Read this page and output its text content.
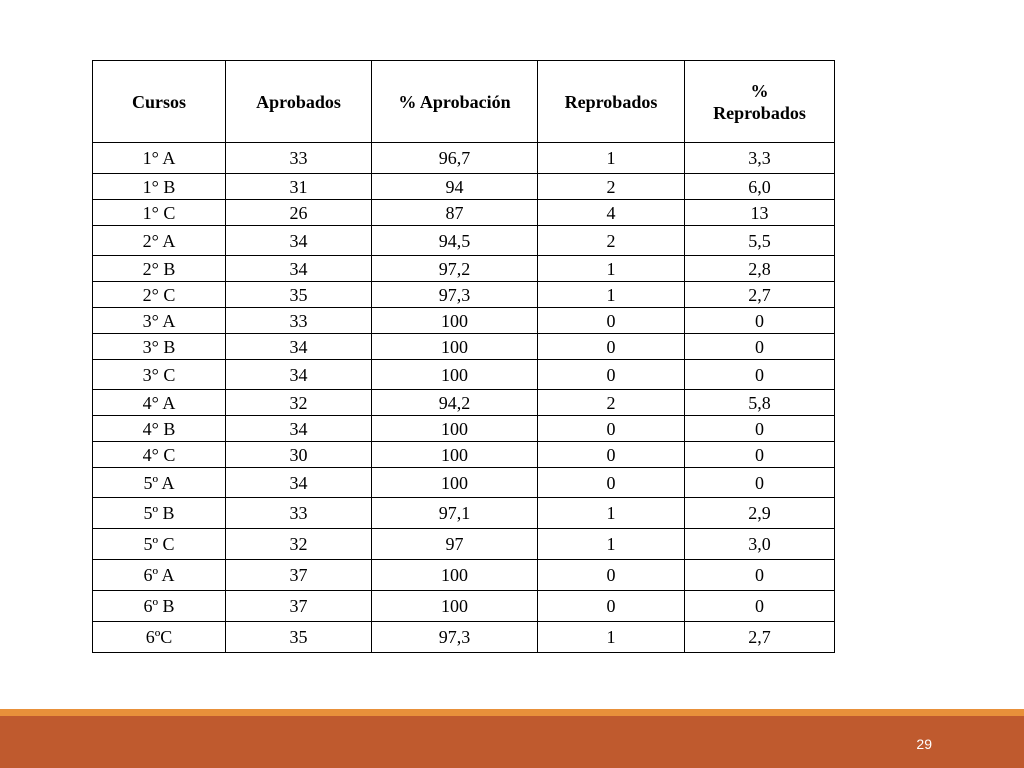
Cursos	Aprobados	% Aprobación	Reprobados	%
Reprobados
1° A	33	96,7	1	3,3
1° B	31	94	2	6,0
1° C	26	87	4	13
2° A	34	94,5	2	5,5
2° B	34	97,2	1	2,8
2° C	35	97,3	1	2,7
3° A	33	100	0	0
3° B	34	100	0	0
3° C	34	100	0	0
4° A	32	94,2	2	5,8
4° B	34	100	0	0
4° C	30	100	0	0
5º A	34	100	0	0
5º B	33	97,1	1	2,9
5º C	32	97	1	3,0
6º A	37	100	0	0
6º B	37	100	0	0
6ºC	35	97,3	1	2,7
29
